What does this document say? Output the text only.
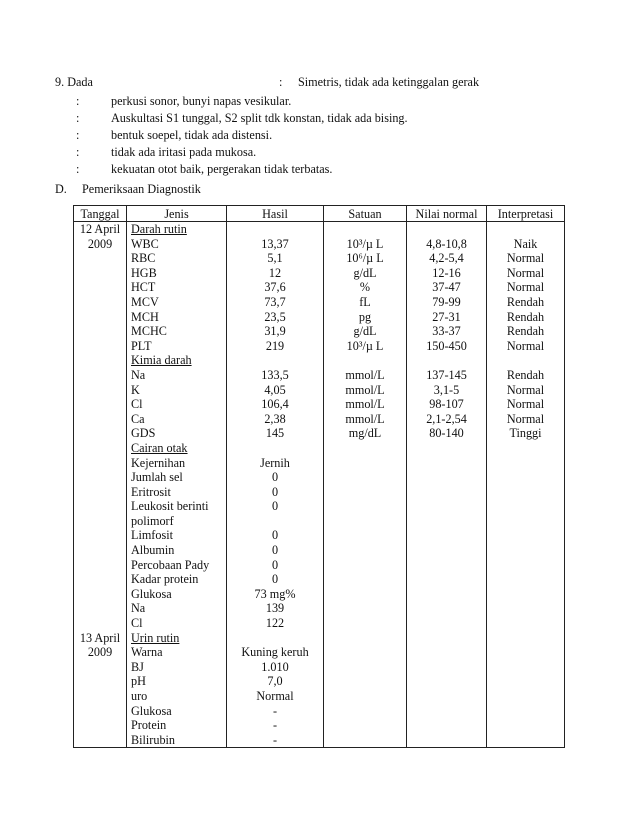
9. Dada	: Simetris, tidak ada ketinggalan gerak
:	perkusi sonor, bunyi napas vesikular.
:	Auskultasi S1 tunggal, S2 split tdk konstan, tidak ada bising.
:	bentuk soepel, tidak ada distensi.
:	tidak ada iritasi pada mukosa.
:	kekuatan otot baik, pergerakan tidak terbatas.
D. Pemeriksaan Diagnostik
Tanggal	Jenis	Hasil	Satuan	Nilai normal	Interpretasi
12 April	Darah rutin				
2009	WBC	13,37	10³/µ L	4,8-10,8	Naik
	RBC	5,1	10⁶/µ L	4,2-5,4	Normal
	HGB	12	g/dL	12-16	Normal
	HCT	37,6	%	37-47	Normal
	MCV	73,7	fL	79-99	Rendah
	MCH	23,5	pg	27-31	Rendah
	MCHC	31,9	g/dL	33-37	Rendah
	PLT	219	10³/µ L	150-450	Normal
	Kimia darah				
	Na	133,5	mmol/L	137-145	Rendah
	K	4,05	mmol/L	3,1-5	Normal
	Cl	106,4	mmol/L	98-107	Normal
	Ca	2,38	mmol/L	2,1-2,54	Normal
	GDS	145	mg/dL	80-140	Tinggi
	Cairan otak				
	Kejernihan	Jernih			
	Jumlah sel	0			
	Eritrosit	0			
	Leukosit berinti	0			
	polimorf				
	Limfosit	0			
	Albumin	0			
	Percobaan Pady	0			
	Kadar protein	0			
	Glukosa	73 mg%			
	Na	139			
	Cl	122			
13 April	Urin rutin				
2009	Warna	Kuning keruh			
	BJ	1.010			
	pH	7,0			
	uro	Normal			
	Glukosa	-			
	Protein	-			
	Bilirubin	-			
